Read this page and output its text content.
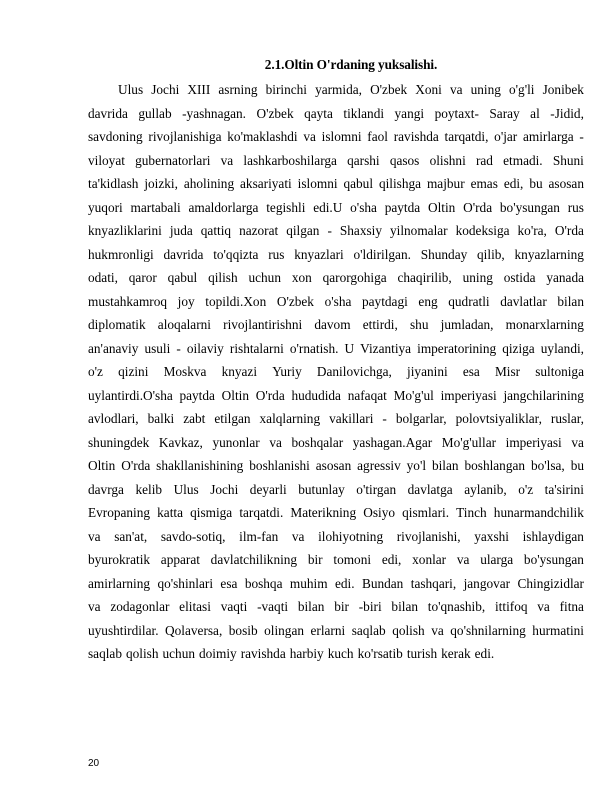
2.1.Oltin O'rdaning yuksalishi.
Ulus Jochi XIII asrning birinchi yarmida, O'zbek Xoni va uning o'g'li Jonibek
davrida gullab -yashnagan. O'zbek qayta tiklandi yangi poytaxt- Saray al -Jidid,
savdoning rivojlanishiga ko'maklashdi va islomni faol ravishda tarqatdi, o'jar amirlarga -
viloyat gubernatorlari va lashkarboshilarga qarshi qasos olishni rad etmadi. Shuni
ta'kidlash joizki, aholining aksariyati islomni qabul qilishga majbur emas edi, bu asosan
yuqori martabali amaldorlarga tegishli edi.U o'sha paytda Oltin O'rda bo'ysungan rus
knyazliklarini juda qattiq nazorat qilgan - Shaxsiy yilnomalar kodeksiga ko'ra, O'rda
hukmronligi davrida to'qqizta rus knyazlari o'ldirilgan. Shunday qilib, knyazlarning
odati, qaror qabul qilish uchun xon qarorgohiga chaqirilib, uning ostida yanada
mustahkamroq joy topildi.Xon O'zbek o'sha paytdagi eng qudratli davlatlar bilan
diplomatik aloqalarni rivojlantirishni davom ettirdi, shu jumladan, monarxlarning
an'anaviy usuli - oilaviy rishtalarni o'rnatish. U Vizantiya imperatorining qiziga uylandi,
o'z qizini Moskva knyazi Yuriy Danilovichga, jiyanini esa Misr sultoniga
uylantirdi.O'sha paytda Oltin O'rda hududida nafaqat Mo'g'ul imperiyasi jangchilarining
avlodlari, balki zabt etilgan xalqlarning vakillari - bolgarlar, polovtsiyaliklar, ruslar,
shuningdek Kavkaz, yunonlar va boshqalar yashagan.Agar Mo'g'ullar imperiyasi va
Oltin O'rda shakllanishining boshlanishi asosan agressiv yo'l bilan boshlangan bo'lsa, bu
davrga kelib Ulus Jochi deyarli butunlay o'tirgan davlatga aylanib, o'z ta'sirini
Evropaning katta qismiga tarqatdi. Materikning Osiyo qismlari. Tinch hunarmandchilik
va san'at, savdo-sotiq, ilm-fan va ilohiyotning rivojlanishi, yaxshi ishlaydigan
byurokratik apparat davlatchilikning bir tomoni edi, xonlar va ularga bo'ysungan
amirlarning qo'shinlari esa boshqa muhim edi. Bundan tashqari, jangovar Chingizidlar
va zodagonlar elitasi vaqti -vaqti bilan bir -biri bilan to'qnashib, ittifoq va fitna
uyushtirdilar. Qolaversa, bosib olingan erlarni saqlab qolish va qo'shnilarning hurmatini
saqlab qolish uchun doimiy ravishda harbiy kuch ko'rsatib turish kerak edi.
20
